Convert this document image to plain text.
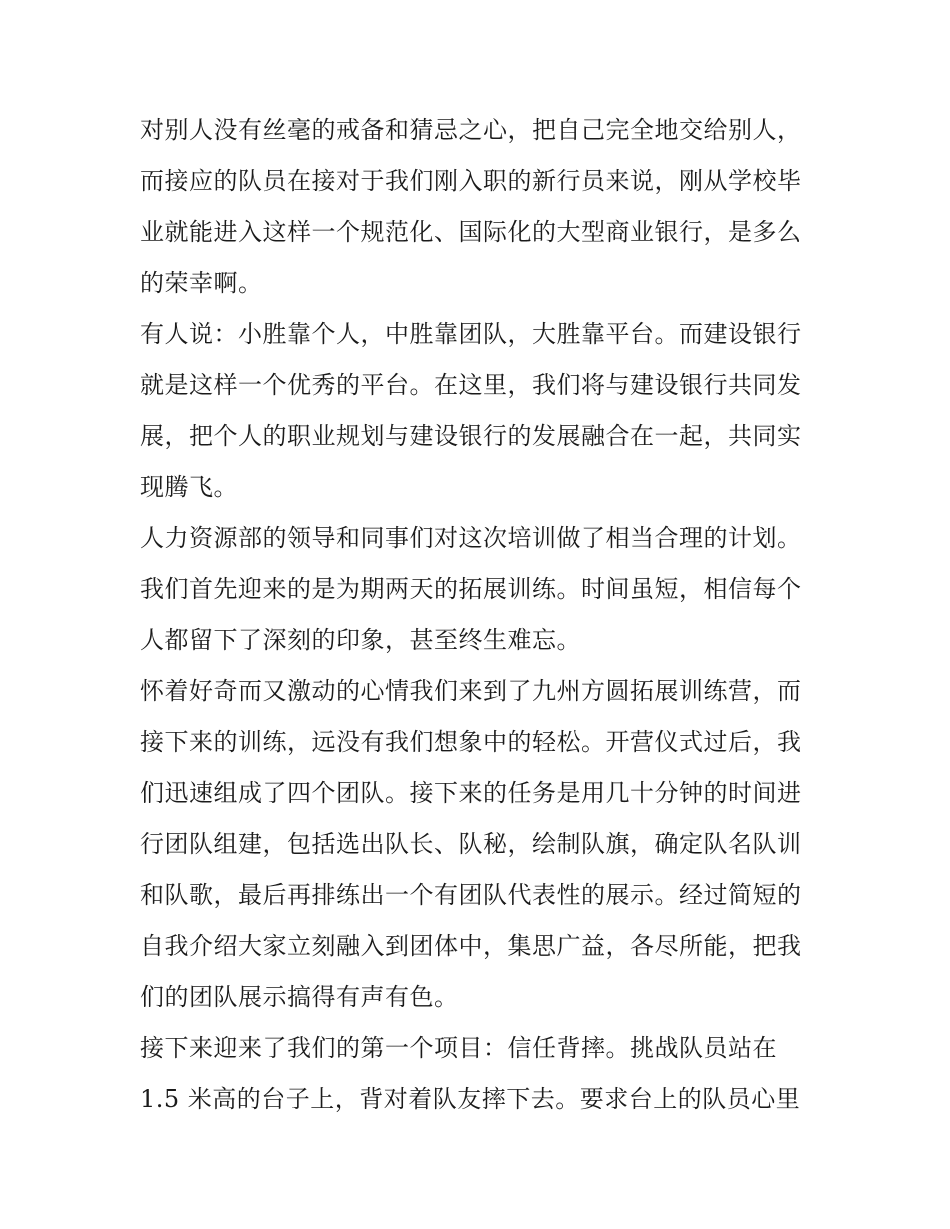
对别人没有丝毫的戒备和猜忌之心，把自己完全地交给别人，
而接应的队员在接对于我们刚入职的新行员来说，刚从学校毕
业就能进入这样一个规范化、国际化的大型商业银行，是多么
的荣幸啊。
有人说：小胜靠个人，中胜靠团队，大胜靠平台。而建设银行
就是这样一个优秀的平台。在这里，我们将与建设银行共同发
展，把个人的职业规划与建设银行的发展融合在一起，共同实
现腾飞。
人力资源部的领导和同事们对这次培训做了相当合理的计划。
我们首先迎来的是为期两天的拓展训练。时间虽短，相信每个
人都留下了深刻的印象，甚至终生难忘。
怀着好奇而又激动的心情我们来到了九州方圆拓展训练营，而
接下来的训练，远没有我们想象中的轻松。开营仪式过后，我
们迅速组成了四个团队。接下来的任务是用几十分钟的时间进
行团队组建，包括选出队长、队秘，绘制队旗，确定队名队训
和队歌，最后再排练出一个有团队代表性的展示。经过简短的
自我介绍大家立刻融入到团体中，集思广益，各尽所能，把我
们的团队展示搞得有声有色。
接下来迎来了我们的第一个项目：信任背摔。挑战队员站在
1.5 米高的台子上，背对着队友摔下去。要求台上的队员心里
